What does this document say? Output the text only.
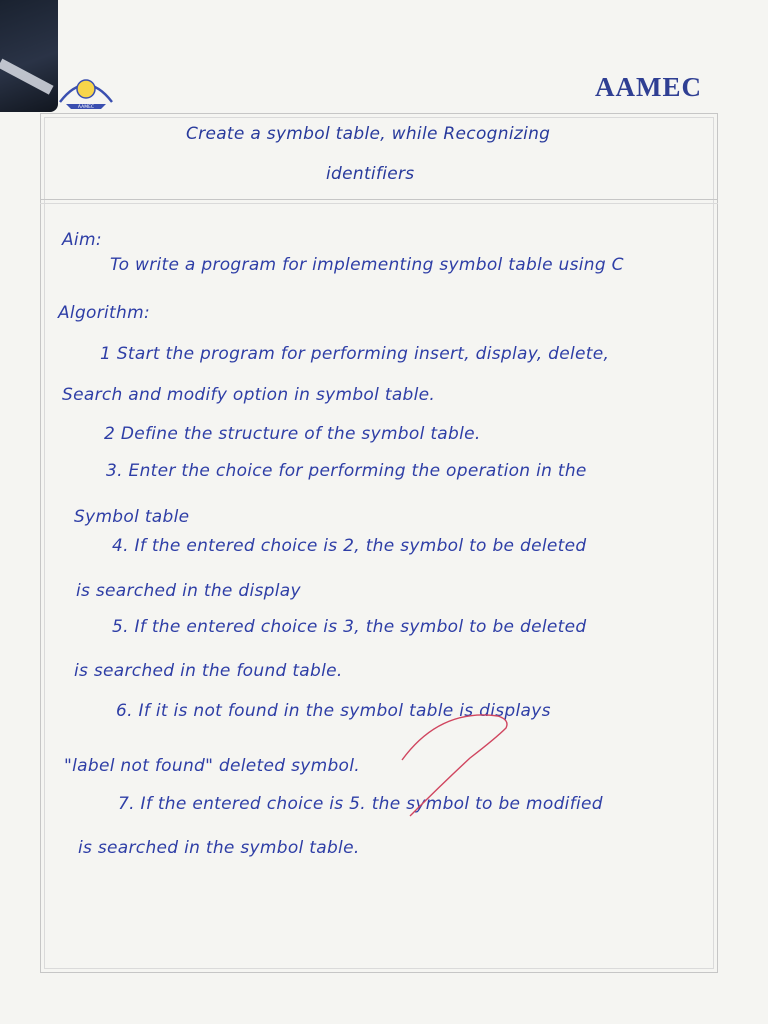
AAMEC
AAMEC

Create a symbol table, while Recognizing

identifiers

Aim:

To write a program for implementing symbol table using C

Algorithm:

1 Start the program for performing insert, display, delete,

Search and modify option in symbol table.

2 Define the structure of the symbol table.

3. Enter the choice for performing the operation in the

Symbol table

4. If the entered choice is 2, the symbol to be deleted

is searched in the display

5. If the entered choice is 3, the symbol to be deleted

is searched in the found table.

6. If it is not found in the symbol table is displays

"label not found" deleted symbol.

7. If the entered choice is 5. the symbol to be modified

is searched in the symbol table.
